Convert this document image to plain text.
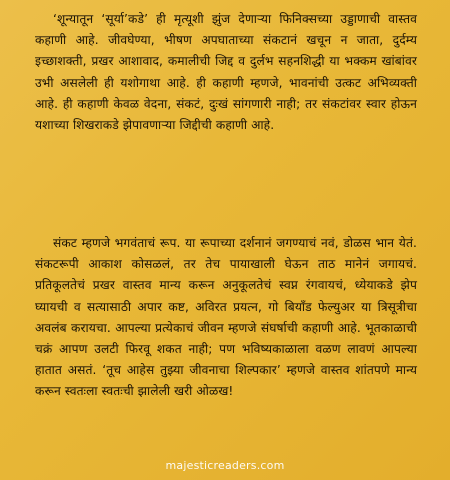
‘शून्यातून ‘सूर्या’कडे’ ही मृत्यूशी झुंज देणाऱ्या फिनिक्सच्या उड्डाणाची वास्तव कहाणी आहे. जीवघेण्या, भीषण अपघाताच्या संकटानं खचून न जाता, दुर्दम्य इच्छाशक्ती, प्रखर आशावाद, कमालीची जिद्द व दुर्लभ सहनशिद्धी या भक्कम खांबांवर उभी असलेली ही यशोगाथा आहे. ही कहाणी म्हणजे, भावनांची उत्कट अभिव्यक्ती आहे. ही कहाणी केवळ वेदना, संकटं, दुःखं सांगणारी नाही; तर संकटांवर स्वार होऊन यशाच्या शिखराकडे झेपावणाऱ्या जिद्दीची कहाणी आहे.

संकट म्हणजे भगवंताचं रूप. या रूपाच्या दर्शनानं जगण्याचं नवं, डोळस भान येतं. संकटरूपी आकाश कोसळलं, तर तेच पायाखाली घेऊन ताठ मानेनं जगायचं. प्रतिकूलतेचं प्रखर वास्तव मान्य करून अनुकूलतेचं स्वप्न रंगवायचं, ध्येयाकडे झेप घ्यायची व सत्यासाठी अपार कष्ट, अविरत प्रयत्न, गो बियाँड फेल्युअर या त्रिसूत्रीचा अवलंब करायचा. आपल्या प्रत्येकाचं जीवन म्हणजे संघर्षाची कहाणी आहे. भूतकाळाची चक्रं आपण उलटी फिरवू शकत नाही; पण भविष्यकाळाला वळण लावणं आपल्या हातात असतं. ‘तूच आहेस तुझ्या जीवनाचा शिल्पकार’ म्हणजे वास्तव शांतपणे मान्य करून स्वतःला स्वतःची झालेली खरी ओळख!

majesticreaders.com
